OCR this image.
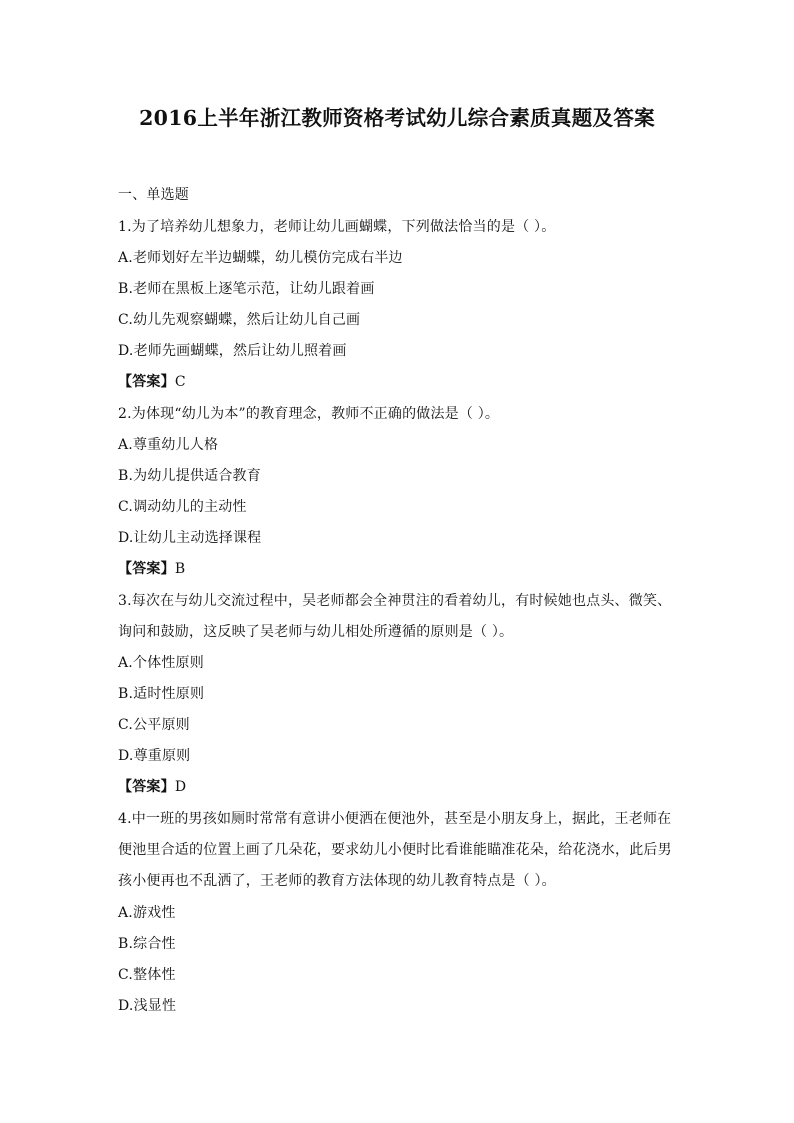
2016上半年浙江教师资格考试幼儿综合素质真题及答案
一、单选题
1.为了培养幼儿想象力，老师让幼儿画蝴蝶，下列做法恰当的是（ ）。
A.老师划好左半边蝴蝶，幼儿模仿完成右半边
B.老师在黑板上逐笔示范，让幼儿跟着画
C.幼儿先观察蝴蝶，然后让幼儿自己画
D.老师先画蝴蝶，然后让幼儿照着画
【答案】C
2.为体现“幼儿为本”的教育理念，教师不正确的做法是（ ）。
A.尊重幼儿人格
B.为幼儿提供适合教育
C.调动幼儿的主动性
D.让幼儿主动选择课程
【答案】B
3.每次在与幼儿交流过程中，吴老师都会全神贯注的看着幼儿，有时候她也点头、微笑、
询问和鼓励，这反映了吴老师与幼儿相处所遵循的原则是（ ）。
A.个体性原则
B.适时性原则
C.公平原则
D.尊重原则
【答案】D
4.中一班的男孩如厕时常常有意讲小便洒在便池外，甚至是小朋友身上，据此，王老师在
便池里合适的位置上画了几朵花，要求幼儿小便时比看谁能瞄准花朵，给花浇水，此后男
孩小便再也不乱洒了，王老师的教育方法体现的幼儿教育特点是（ ）。
A.游戏性
B.综合性
C.整体性
D.浅显性
